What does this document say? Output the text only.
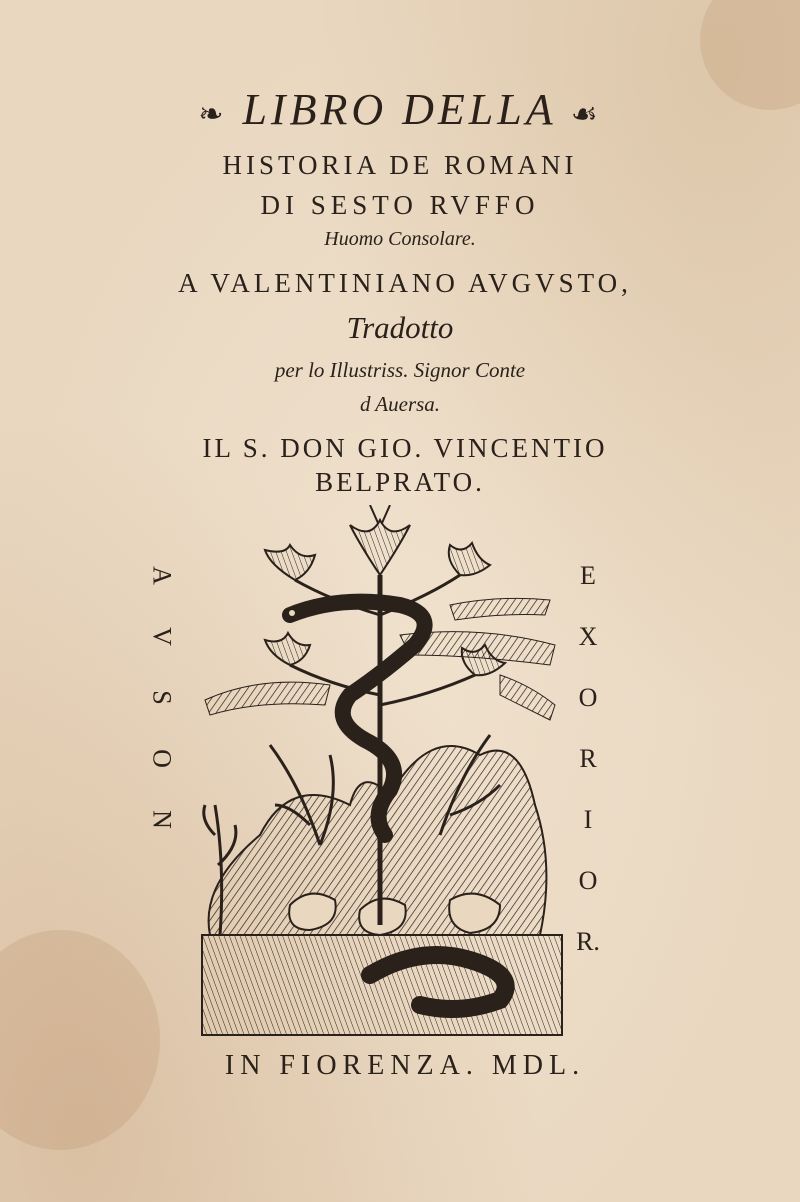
❧ LIBRO DELLA ☙
HISTORIA DE ROMANI
DI SESTO RVFFO
Huomo Consolare.
A VALENTINIANO AVGVSTO,
Tradotto
per lo Illustriss. Signor Conte
d Auersa.
IL S. DON GIO. VINCENTIO
BELPRATO.
A
V
S
O
N
E
X
O
R
I
O
R.
IN FIORENZA. MDL.
